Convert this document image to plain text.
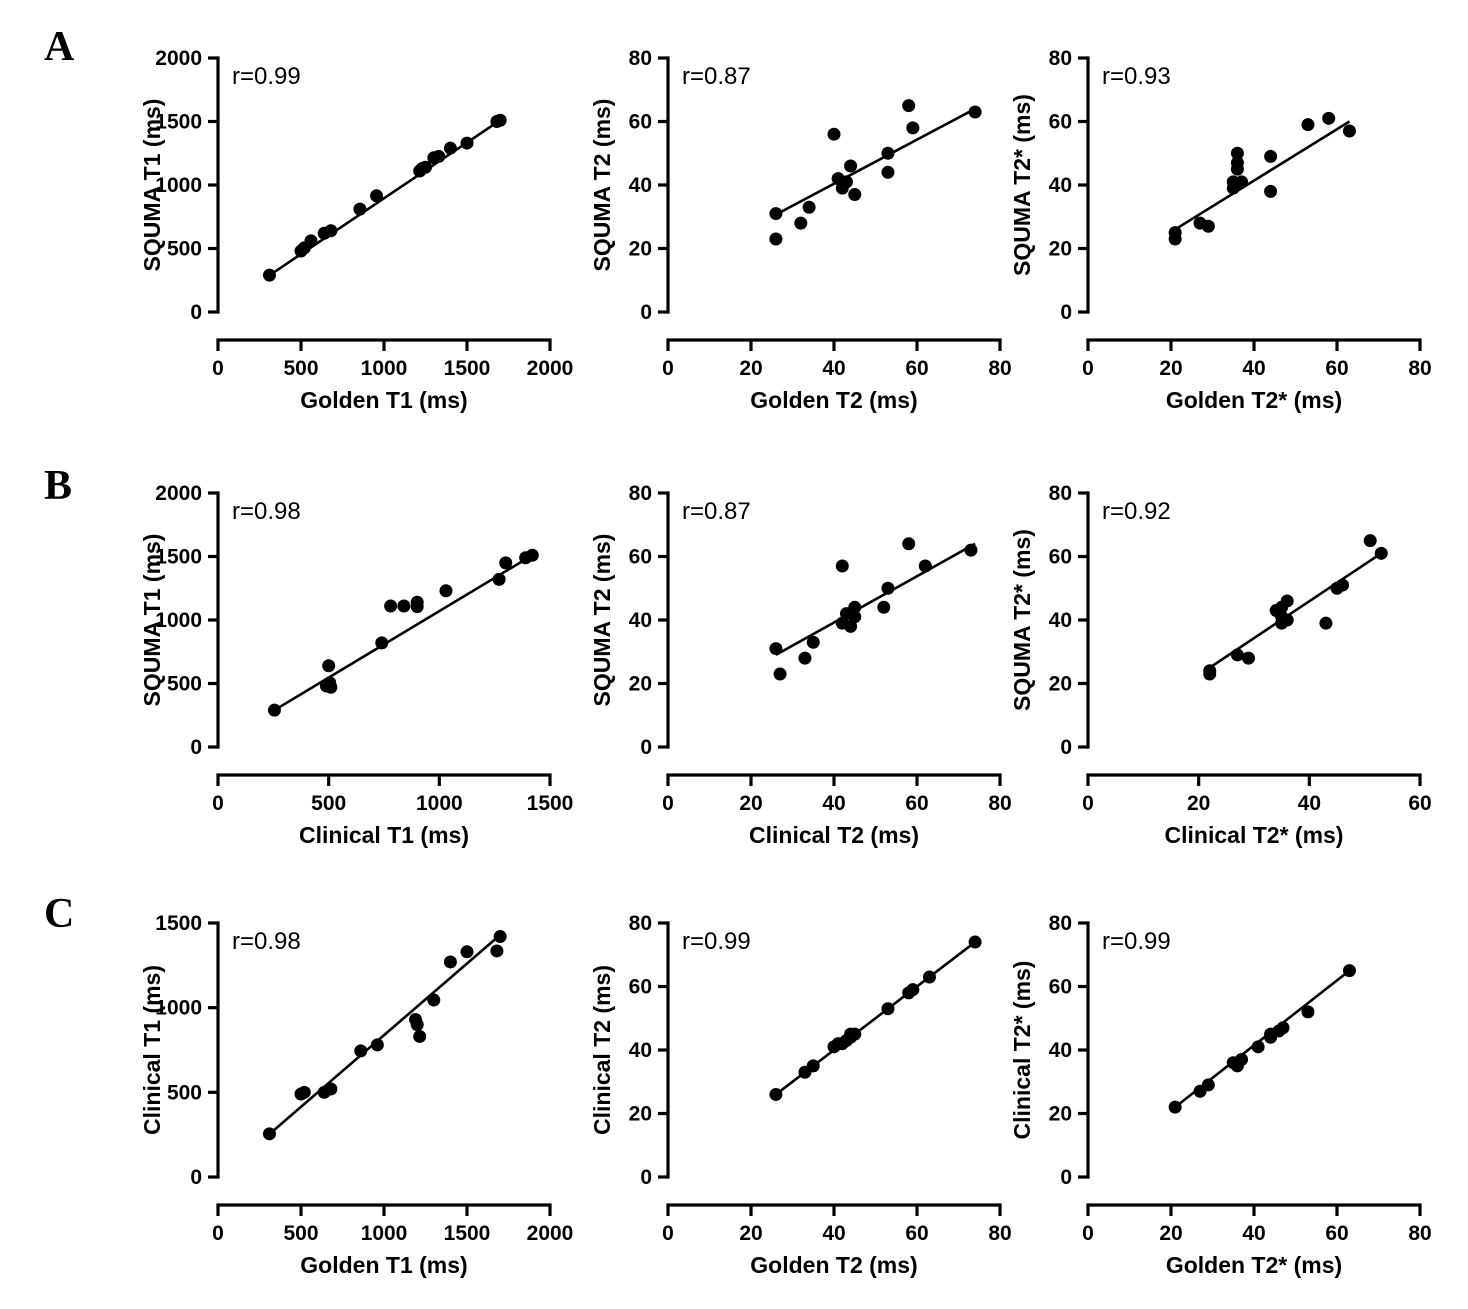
A
0
500
1000
1500
2000
0	500 1000 1500 2000
r=0.99
Golden T1 (ms)
SQUMA T1 (ms)
0
20
40
60
80
0	20	40	60	80
r=0.87
Golden T2 (ms)
SQUMA T2 (ms)
0
20
40
60
80
0	20	40	60	80
r=0.93
Golden T2* (ms)
SQUMA T2* (ms)
B
0
500
1000
1500
2000
0	500	1000	1500
r=0.98
Clinical T1 (ms)
SQUMA T1 (ms)
0
20
40
60
80
0	20	40	60	80
r=0.87
Clinical T2 (ms)
SQUMA T2 (ms)
0
20
40
60
80
0	20	40	60
r=0.92
Clinical T2* (ms)
SQUMA T2* (ms)
C
0
500
1000
1500
0	500 1000 1500 2000
r=0.98
Golden T1 (ms)
Clinical T1 (ms)
0
20
40
60
80
0	20	40	60	80
r=0.99
Golden T2 (ms)
Clinical T2 (ms)
0
20
40
60
80
0	20	40	60	80
r=0.99
Golden T2* (ms)
Clinical T2* (ms)
